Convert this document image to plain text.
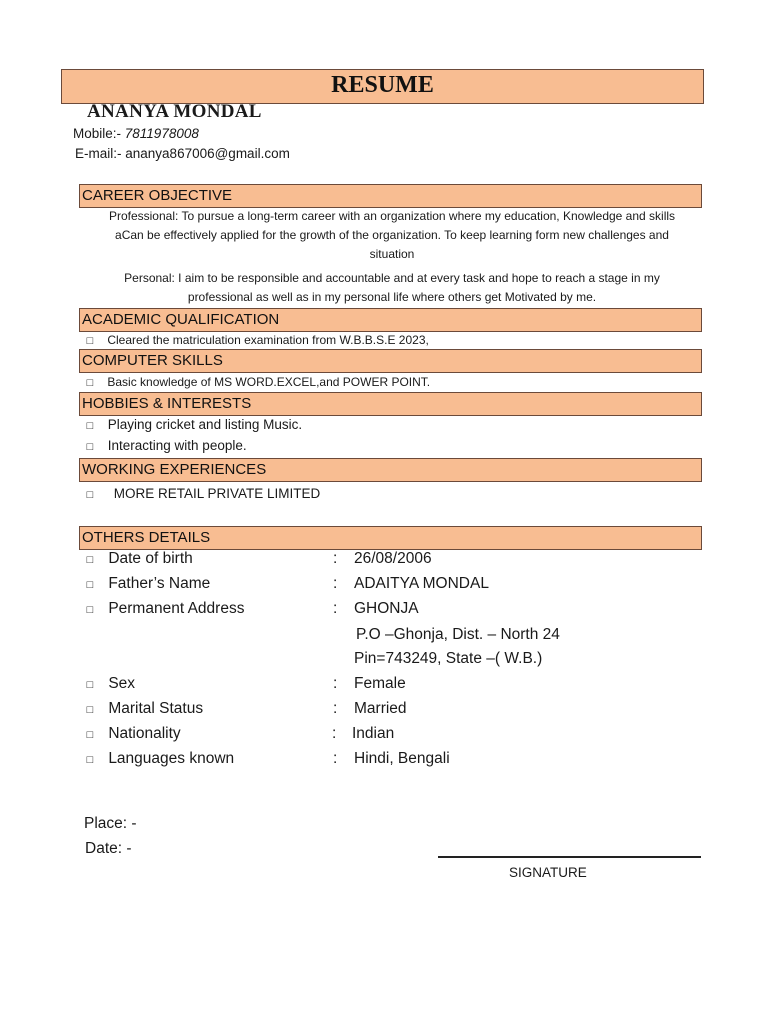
RESUME
ANANYA MONDAL
Mobile:- 7811978008
E-mail:- ananya867006@gmail.com
CAREER OBJECTIVE
Professional: To pursue a long-term career with an organization where my education, Knowledge and skills
aCan be effectively applied for the growth of the organization. To keep learning form new challenges and
situation
Personal: I aim to be responsible and accountable and at every task and hope to reach a stage in my
professional as well as in my personal life where others get Motivated by me.
ACADEMIC QUALIFICATION
□ Cleared the matriculation examination from W.B.B.S.E 2023,
COMPUTER SKILLS
□ Basic knowledge of MS WORD.EXCEL,and POWER POINT.
HOBBIES & INTERESTS
□ Playing cricket and listing Music.
□ Interacting with people.
WORKING EXPERIENCES
□ MORE RETAIL PRIVATE LIMITED
OTHERS DETAILS
□ Date of birth	: 26/08/2006
□ Father’s Name	: ADAITYA MONDAL
□ Permanent Address	: GHONJA
P.O –Ghonja, Dist. – North 24
Pin=743249, State –( W.B.)
□ Sex	: Female
□ Marital Status	: Married
□ Nationality	: Indian
□ Languages known	: Hindi, Bengali
Place: -
Date: -
SIGNATURE
